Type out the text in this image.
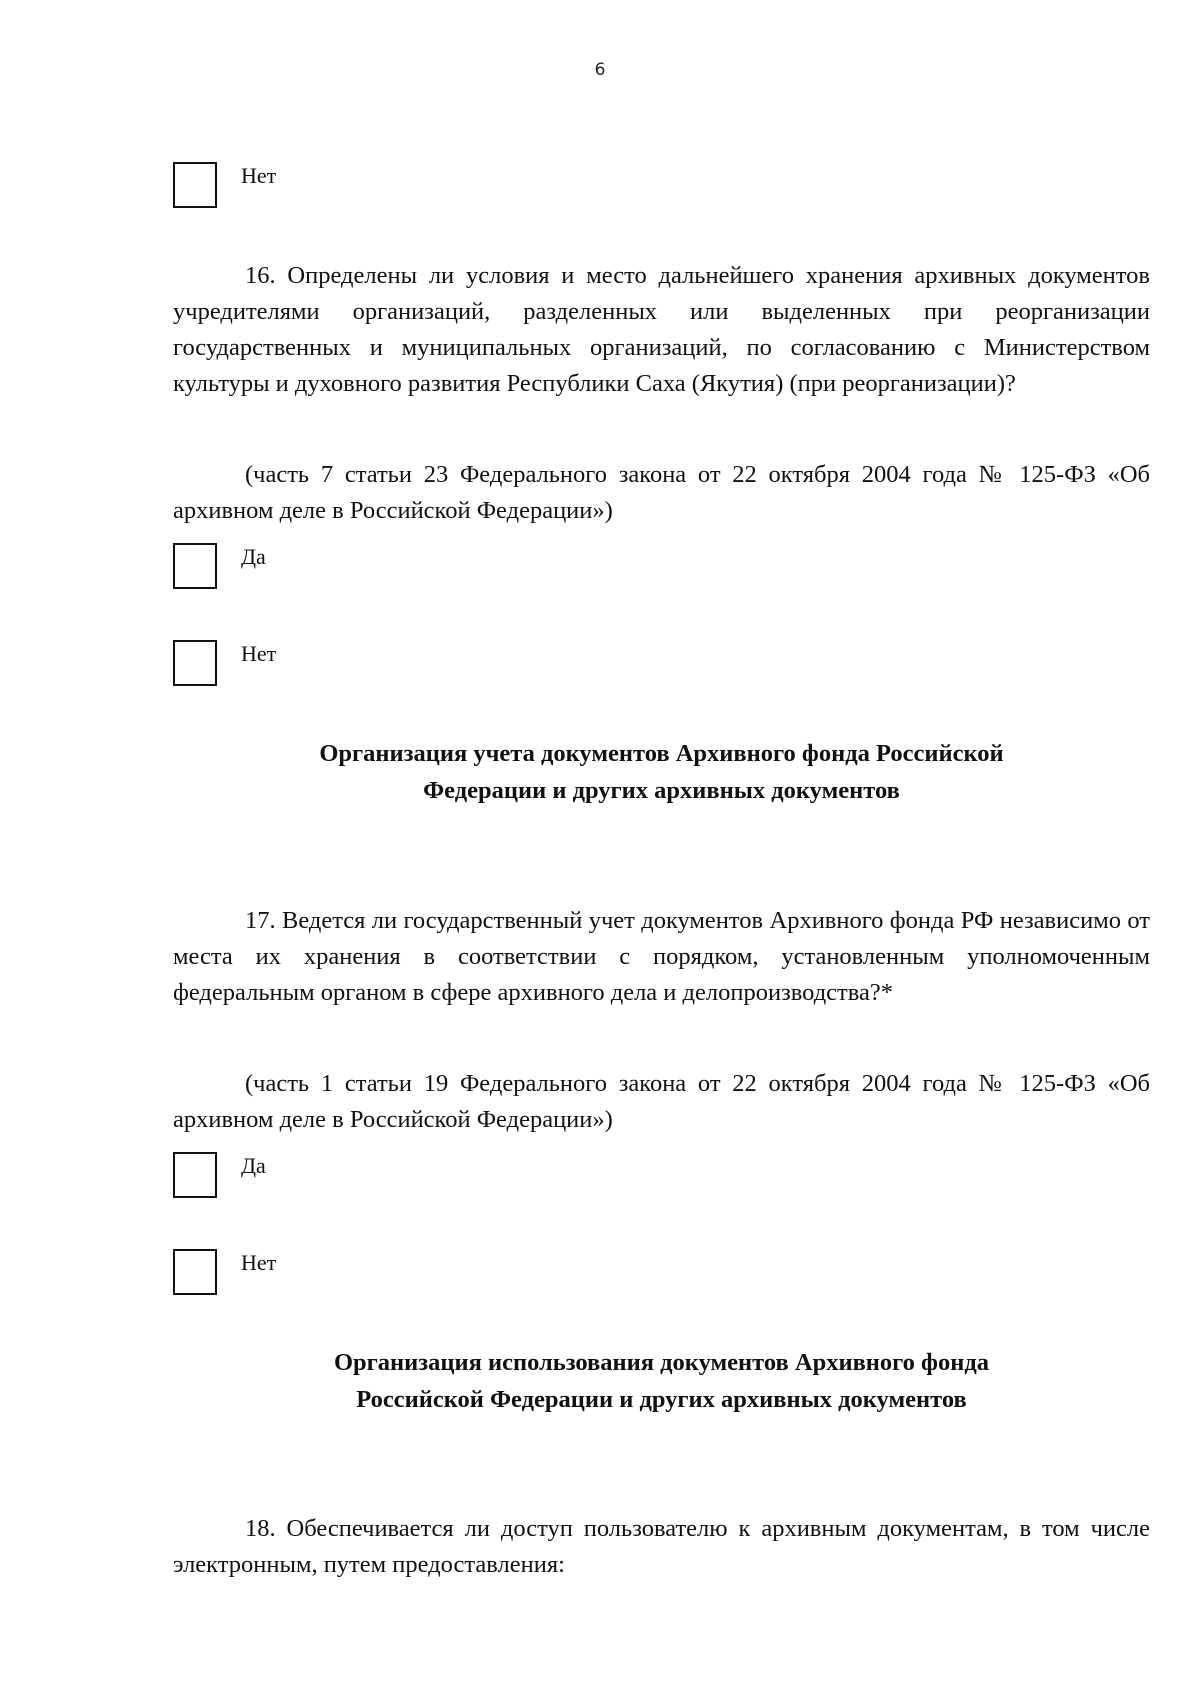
6
Нет

16. Определены ли условия и место дальнейшего хранения архивных документов учредителями организаций, разделенных или выделенных при реорганизации государственных и муниципальных организаций, по согласованию с Министерством культуры и духовного развития Республики Саха (Якутия) (при реорганизации)?

(часть 7 статьи 23 Федерального закона от 22 октября 2004 года № 125-ФЗ «Об архивном деле в Российской Федерации»)

Да
Нет
Организация учета документов Архивного фонда Российской
Федерации и других архивных документов

17. Ведется ли государственный учет документов Архивного фонда РФ независимо от места их хранения в соответствии с порядком, установленным уполномоченным федеральным органом в сфере архивного дела и делопроизводства?*

(часть 1 статьи 19 Федерального закона от 22 октября 2004 года № 125-ФЗ «Об архивном деле в Российской Федерации»)

Да
Нет
Организация использования документов Архивного фонда
Российской Федерации и других архивных документов

18. Обеспечивается ли доступ пользователю к архивным документам, в том числе электронным, путем предоставления:
